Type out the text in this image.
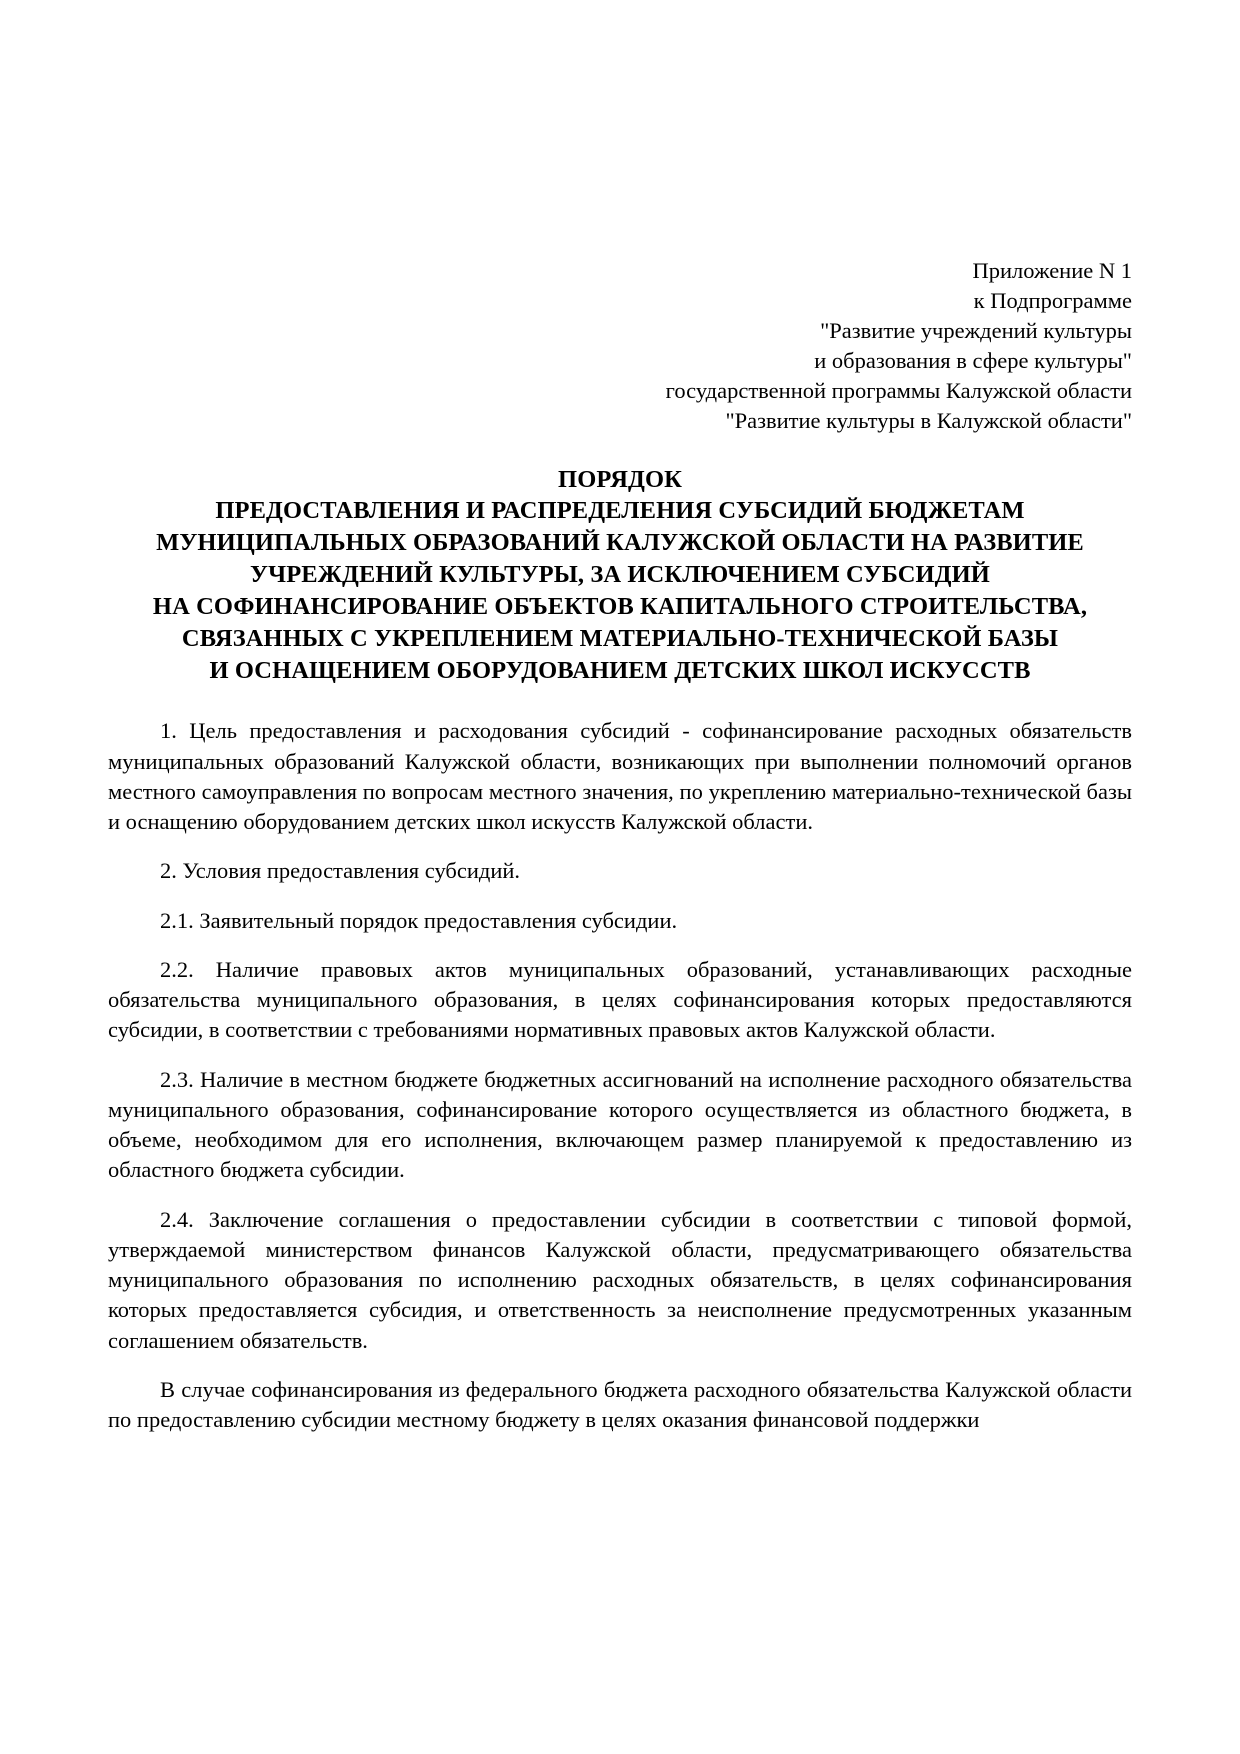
Приложение N 1
к Подпрограмме
"Развитие учреждений культуры
и образования в сфере культуры"
государственной программы Калужской области
"Развитие культуры в Калужской области"
ПОРЯДОК
ПРЕДОСТАВЛЕНИЯ И РАСПРЕДЕЛЕНИЯ СУБСИДИЙ БЮДЖЕТАМ
МУНИЦИПАЛЬНЫХ ОБРАЗОВАНИЙ КАЛУЖСКОЙ ОБЛАСТИ НА РАЗВИТИЕ
УЧРЕЖДЕНИЙ КУЛЬТУРЫ, ЗА ИСКЛЮЧЕНИЕМ СУБСИДИЙ
НА СОФИНАНСИРОВАНИЕ ОБЪЕКТОВ КАПИТАЛЬНОГО СТРОИТЕЛЬСТВА,
СВЯЗАННЫХ С УКРЕПЛЕНИЕМ МАТЕРИАЛЬНО-ТЕХНИЧЕСКОЙ БАЗЫ
И ОСНАЩЕНИЕМ ОБОРУДОВАНИЕМ ДЕТСКИХ ШКОЛ ИСКУССТВ

1. Цель предоставления и расходования субсидий - софинансирование расходных обязательств муниципальных образований Калужской области, возникающих при выполнении полномочий органов местного самоуправления по вопросам местного значения, по укреплению материально-технической базы и оснащению оборудованием детских школ искусств Калужской области.

2. Условия предоставления субсидий.

2.1. Заявительный порядок предоставления субсидии.

2.2. Наличие правовых актов муниципальных образований, устанавливающих расходные обязательства муниципального образования, в целях софинансирования которых предоставляются субсидии, в соответствии с требованиями нормативных правовых актов Калужской области.

2.3. Наличие в местном бюджете бюджетных ассигнований на исполнение расходного обязательства муниципального образования, софинансирование которого осуществляется из областного бюджета, в объеме, необходимом для его исполнения, включающем размер планируемой к предоставлению из областного бюджета субсидии.

2.4. Заключение соглашения о предоставлении субсидии в соответствии с типовой формой, утверждаемой министерством финансов Калужской области, предусматривающего обязательства муниципального образования по исполнению расходных обязательств, в целях софинансирования которых предоставляется субсидия, и ответственность за неисполнение предусмотренных указанным соглашением обязательств.

В случае софинансирования из федерального бюджета расходного обязательства Калужской области по предоставлению субсидии местному бюджету в целях оказания финансовой поддержки
